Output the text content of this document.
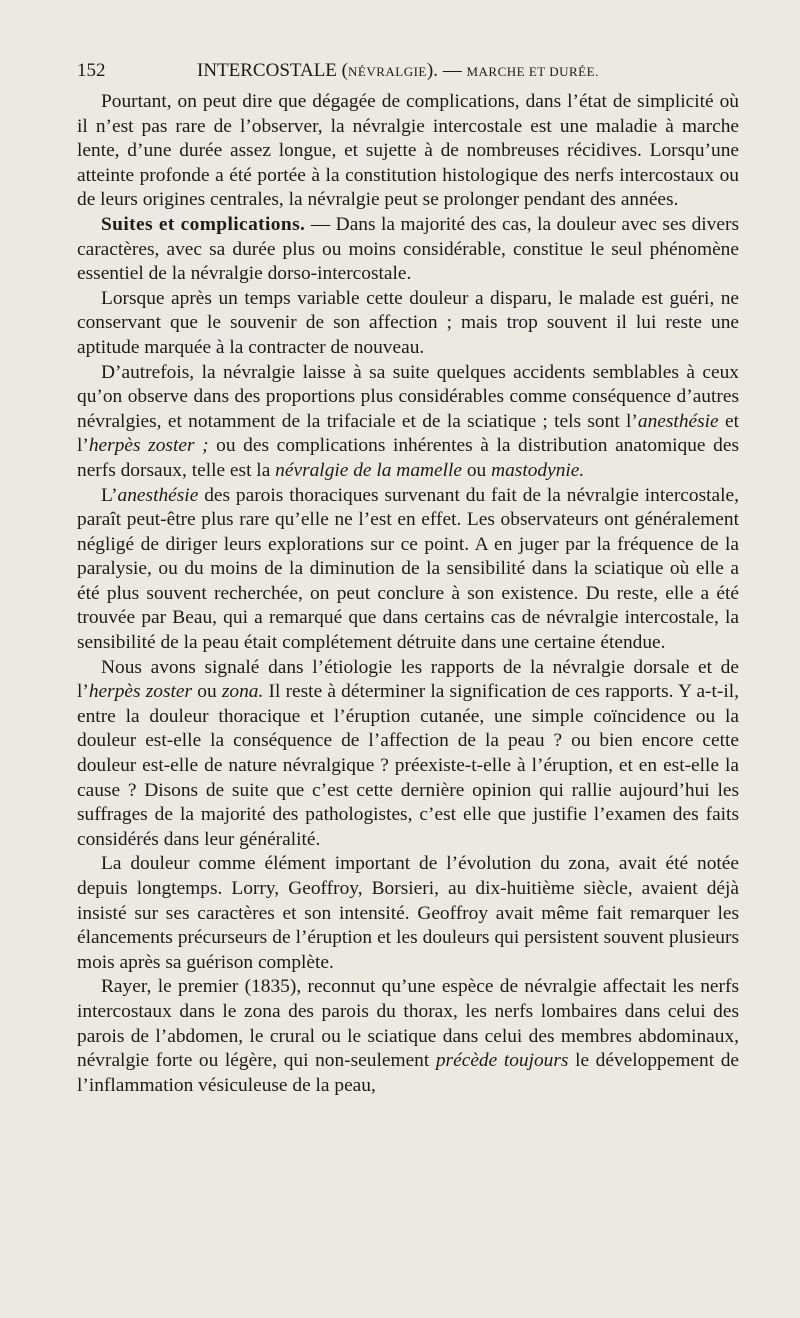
152	INTERCOSTALE (NÉVRALGIE). — MARCHE ET DURÉE.

Pourtant, on peut dire que dégagée de complications, dans l’état de simplicité où il n’est pas rare de l’observer, la névralgie intercostale est une maladie à marche lente, d’une durée assez longue, et sujette à de nombreuses récidives. Lorsqu’une atteinte profonde a été portée à la constitution histologique des nerfs intercostaux ou de leurs origines centrales, la névralgie peut se prolonger pendant des années.

Suites et complications. — Dans la majorité des cas, la douleur avec ses divers caractères, avec sa durée plus ou moins considérable, constitue le seul phénomène essentiel de la névralgie dorso-intercostale.

Lorsque après un temps variable cette douleur a disparu, le malade est guéri, ne conservant que le souvenir de son affection ; mais trop souvent il lui reste une aptitude marquée à la contracter de nouveau.

D’autrefois, la névralgie laisse à sa suite quelques accidents semblables à ceux qu’on observe dans des proportions plus considérables comme conséquence d’autres névralgies, et notamment de la trifaciale et de la sciatique ; tels sont l’anesthésie et l’herpès zoster ; ou des complications inhérentes à la distribution anatomique des nerfs dorsaux, telle est la névralgie de la mamelle ou mastodynie.

L’anesthésie des parois thoraciques survenant du fait de la névralgie intercostale, paraît peut-être plus rare qu’elle ne l’est en effet. Les observateurs ont généralement négligé de diriger leurs explorations sur ce point. A en juger par la fréquence de la paralysie, ou du moins de la diminution de la sensibilité dans la sciatique où elle a été plus souvent recherchée, on peut conclure à son existence. Du reste, elle a été trouvée par Beau, qui a remarqué que dans certains cas de névralgie intercostale, la sensibilité de la peau était complétement détruite dans une certaine étendue.

Nous avons signalé dans l’étiologie les rapports de la névralgie dorsale et de l’herpès zoster ou zona. Il reste à déterminer la signification de ces rapports. Y a-t-il, entre la douleur thoracique et l’éruption cutanée, une simple coïncidence ou la douleur est-elle la conséquence de l’affection de la peau ? ou bien encore cette douleur est-elle de nature névralgique ? préexiste-t-elle à l’éruption, et en est-elle la cause ? Disons de suite que c’est cette dernière opinion qui rallie aujourd’hui les suffrages de la majorité des pathologistes, c’est elle que justifie l’examen des faits considérés dans leur généralité.

La douleur comme élément important de l’évolution du zona, avait été notée depuis longtemps. Lorry, Geoffroy, Borsieri, au dix-huitième siècle, avaient déjà insisté sur ses caractères et son intensité. Geoffroy avait même fait remarquer les élancements précurseurs de l’éruption et les douleurs qui persistent souvent plusieurs mois après sa guérison complète.

Rayer, le premier (1835), reconnut qu’une espèce de névralgie affectait les nerfs intercostaux dans le zona des parois du thorax, les nerfs lombaires dans celui des parois de l’abdomen, le crural ou le sciatique dans celui des membres abdominaux, névralgie forte ou légère, qui non-seulement précède toujours le développement de l’inflammation vésiculeuse de la peau,
